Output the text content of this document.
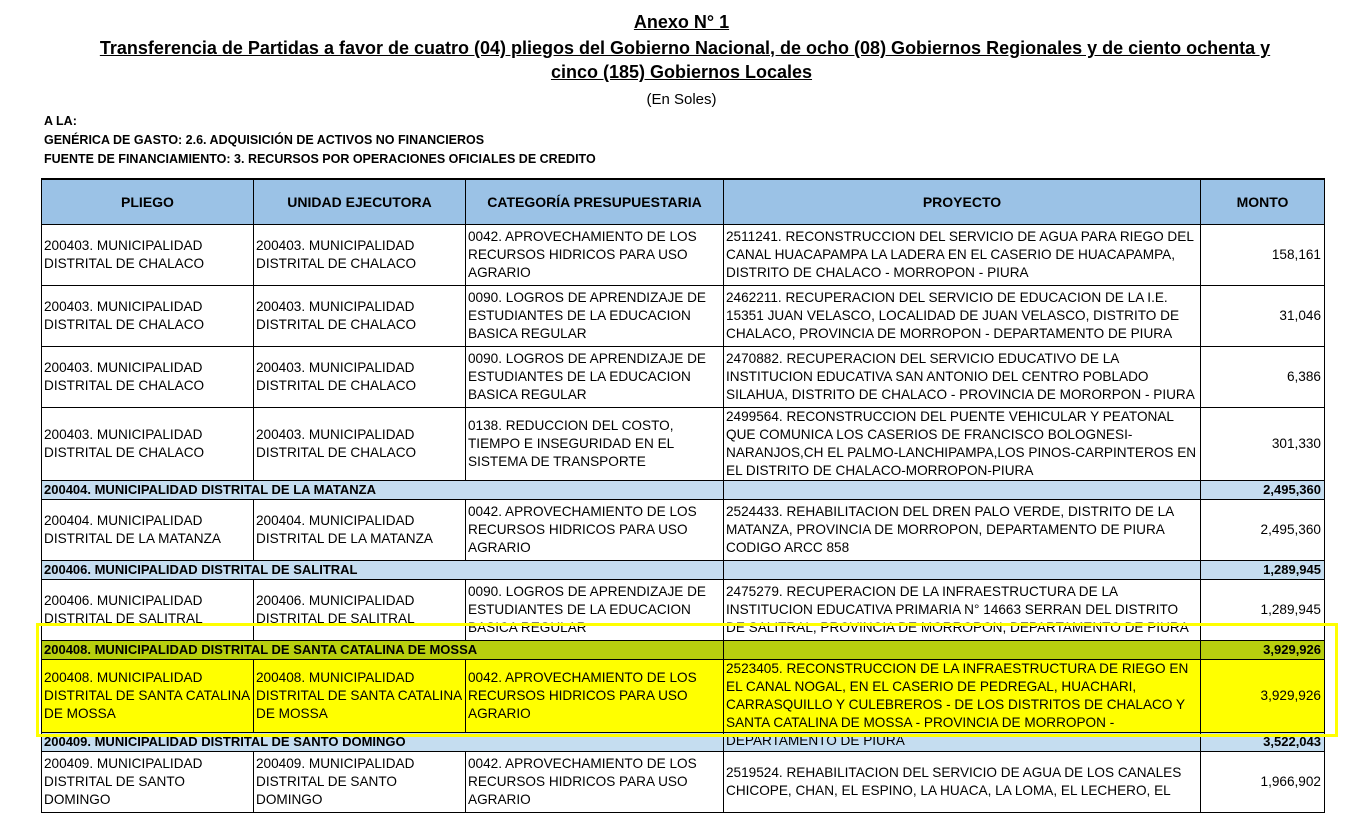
Anexo N° 1
Transferencia de Partidas a favor de cuatro (04) pliegos del Gobierno Nacional, de ocho (08) Gobiernos Regionales y de ciento ochenta y
cinco (185) Gobiernos Locales
(En Soles)
A LA:
GENÉRICA DE GASTO: 2.6. ADQUISICIÓN DE ACTIVOS NO FINANCIEROS
FUENTE DE FINANCIAMIENTO: 3. RECURSOS POR OPERACIONES OFICIALES DE CREDITO
PLIEGO	UNIDAD EJECUTORA	CATEGORÍA PRESUPUESTARIA	PROYECTO	MONTO
200403. MUNICIPALIDAD DISTRITAL DE CHALACO	200403. MUNICIPALIDAD DISTRITAL DE CHALACO	0042. APROVECHAMIENTO DE LOS RECURSOS HIDRICOS PARA USO AGRARIO	2511241. RECONSTRUCCION DEL SERVICIO DE AGUA PARA RIEGO DEL CANAL HUACAPAMPA LA LADERA EN EL CASERIO DE HUACAPAMPA, DISTRITO DE CHALACO - MORROPON - PIURA	158,161
200403. MUNICIPALIDAD DISTRITAL DE CHALACO	200403. MUNICIPALIDAD DISTRITAL DE CHALACO	0090. LOGROS DE APRENDIZAJE DE ESTUDIANTES DE LA EDUCACION BASICA REGULAR	2462211. RECUPERACION DEL SERVICIO DE EDUCACION DE LA I.E. 15351 JUAN VELASCO, LOCALIDAD DE JUAN VELASCO, DISTRITO DE CHALACO, PROVINCIA DE MORROPON - DEPARTAMENTO DE PIURA	31,046
200403. MUNICIPALIDAD DISTRITAL DE CHALACO	200403. MUNICIPALIDAD DISTRITAL DE CHALACO	0090. LOGROS DE APRENDIZAJE DE ESTUDIANTES DE LA EDUCACION BASICA REGULAR	2470882. RECUPERACION DEL SERVICIO EDUCATIVO DE LA INSTITUCION EDUCATIVA SAN ANTONIO DEL CENTRO POBLADO SILAHUA, DISTRITO DE CHALACO - PROVINCIA DE MORORPON - PIURA	6,386
200403. MUNICIPALIDAD DISTRITAL DE CHALACO	200403. MUNICIPALIDAD DISTRITAL DE CHALACO	0138. REDUCCION DEL COSTO, TIEMPO E INSEGURIDAD EN EL SISTEMA DE TRANSPORTE	2499564. RECONSTRUCCION DEL PUENTE VEHICULAR Y PEATONAL QUE COMUNICA LOS CASERIOS DE FRANCISCO BOLOGNESI-NARANJOS,CH EL PALMO-LANCHIPAMPA,LOS PINOS-CARPINTEROS EN EL DISTRITO DE CHALACO-MORROPON-PIURA	301,330
200404. MUNICIPALIDAD DISTRITAL DE LA MATANZA				2,495,360
200404. MUNICIPALIDAD DISTRITAL DE LA MATANZA	200404. MUNICIPALIDAD DISTRITAL DE LA MATANZA	0042. APROVECHAMIENTO DE LOS RECURSOS HIDRICOS PARA USO AGRARIO	2524433. REHABILITACION DEL DREN PALO VERDE, DISTRITO DE LA MATANZA, PROVINCIA DE MORROPON, DEPARTAMENTO DE PIURA CODIGO ARCC 858	2,495,360
200406. MUNICIPALIDAD DISTRITAL DE SALITRAL				1,289,945
200406. MUNICIPALIDAD DISTRITAL DE SALITRAL	200406. MUNICIPALIDAD DISTRITAL DE SALITRAL	0090. LOGROS DE APRENDIZAJE DE ESTUDIANTES DE LA EDUCACION BASICA REGULAR	2475279. RECUPERACION DE LA INFRAESTRUCTURA DE LA INSTITUCION EDUCATIVA PRIMARIA N° 14663 SERRAN DEL DISTRITO DE SALITRAL, PROVINCIA DE MORROPON, DEPARTAMENTO DE PIURA	1,289,945
200408. MUNICIPALIDAD DISTRITAL DE SANTA CATALINA DE MOSSA				3,929,926
200408. MUNICIPALIDAD DISTRITAL DE SANTA CATALINA DE MOSSA	200408. MUNICIPALIDAD DISTRITAL DE SANTA CATALINA DE MOSSA	0042. APROVECHAMIENTO DE LOS RECURSOS HIDRICOS PARA USO AGRARIO	2523405. RECONSTRUCCION DE LA INFRAESTRUCTURA DE RIEGO EN EL CANAL NOGAL, EN EL CASERIO DE PEDREGAL, HUACHARI, CARRASQUILLO Y CULEBREROS - DE LOS DISTRITOS DE CHALACO Y SANTA CATALINA DE MOSSA - PROVINCIA DE MORROPON - DEPARTAMENTO DE PIURA	3,929,926
200409. MUNICIPALIDAD DISTRITAL DE SANTO DOMINGO				3,522,043
200409. MUNICIPALIDAD DISTRITAL DE SANTO DOMINGO	200409. MUNICIPALIDAD DISTRITAL DE SANTO DOMINGO	0042. APROVECHAMIENTO DE LOS RECURSOS HIDRICOS PARA USO AGRARIO	2519524. REHABILITACION DEL SERVICIO DE AGUA DE LOS CANALES CHICOPE, CHAN, EL ESPINO, LA HUACA, LA LOMA, EL LECHERO, EL	1,966,902
